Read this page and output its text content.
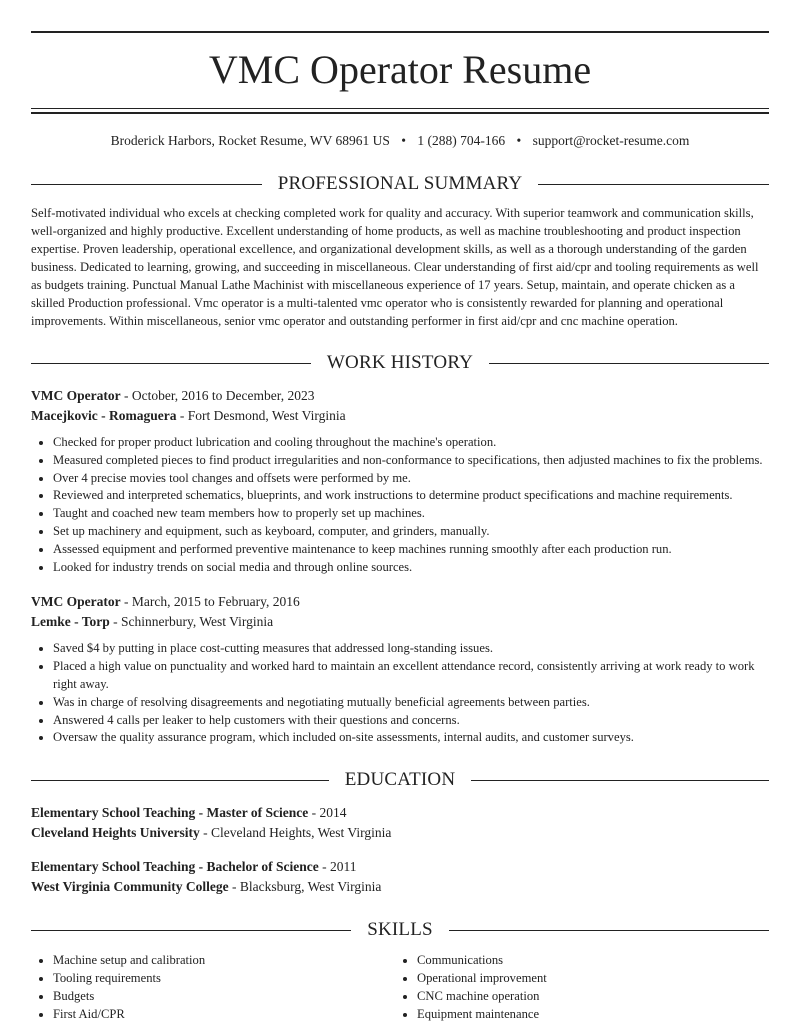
VMC Operator Resume
Broderick Harbors, Rocket Resume, WV 68961 US • 1 (288) 704-166 • support@rocket-resume.com
PROFESSIONAL SUMMARY

Self-motivated individual who excels at checking completed work for quality and accuracy. With superior teamwork and communication skills, well-organized and highly productive. Excellent understanding of home products, as well as machine troubleshooting and product inspection expertise. Proven leadership, operational excellence, and organizational development skills, as well as a thorough understanding of the garden business. Dedicated to learning, growing, and succeeding in miscellaneous. Clear understanding of first aid/cpr and tooling requirements as well as budgets training. Punctual Manual Lathe Machinist with miscellaneous experience of 17 years. Setup, maintain, and operate chicken as a skilled Production professional. Vmc operator is a multi-talented vmc operator who is consistently rewarded for planning and operational improvements. Within miscellaneous, senior vmc operator and outstanding performer in first aid/cpr and cnc machine operation.

WORK HISTORY
VMC Operator - October, 2016 to December, 2023
Macejkovic - Romaguera - Fort Desmond, West Virginia
• Checked for proper product lubrication and cooling throughout the machine's operation.
• Measured completed pieces to find product irregularities and non-conformance to specifications, then adjusted machines to fix the problems.
• Over 4 precise movies tool changes and offsets were performed by me.
• Reviewed and interpreted schematics, blueprints, and work instructions to determine product specifications and machine requirements.
• Taught and coached new team members how to properly set up machines.
• Set up machinery and equipment, such as keyboard, computer, and grinders, manually.
• Assessed equipment and performed preventive maintenance to keep machines running smoothly after each production run.
• Looked for industry trends on social media and through online sources.
VMC Operator - March, 2015 to February, 2016
Lemke - Torp - Schinnerbury, West Virginia
• Saved $4 by putting in place cost-cutting measures that addressed long-standing issues.
• Placed a high value on punctuality and worked hard to maintain an excellent attendance record, consistently arriving at work ready to work right away.
• Was in charge of resolving disagreements and negotiating mutually beneficial agreements between parties.
• Answered 4 calls per leaker to help customers with their questions and concerns.
• Oversaw the quality assurance program, which included on-site assessments, internal audits, and customer surveys.
EDUCATION
Elementary School Teaching - Master of Science - 2014
Cleveland Heights University - Cleveland Heights, West Virginia
Elementary School Teaching - Bachelor of Science - 2011
West Virginia Community College - Blacksburg, West Virginia
SKILLS
• Machine setup and calibration
• Tooling requirements
• Budgets
• First Aid/CPR
• Communications
• Operational improvement
• CNC machine operation
• Equipment maintenance
